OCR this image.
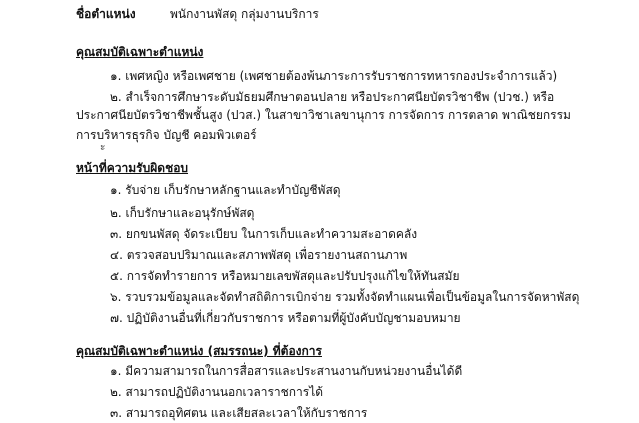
ชื่อตำแหน่ง	พนักงานพัสดุ กลุ่มงานบริการ
คุณสมบัติเฉพาะตำแหน่ง
๑. เพศหญิง หรือเพศชาย (เพศชายต้องพ้นภาระการรับราชการทหารกองประจำการแล้ว)
๒. สำเร็จการศึกษาระดับมัธยมศึกษาตอนปลาย หรือประกาศนียบัตรวิชาชีพ (ปวช.) หรือ
ประกาศนียบัตรวิชาชีพชั้นสูง (ปวส.) ในสาขาวิชาเลขานุการ การจัดการ การตลาด พาณิชยกรรม
การบริหารธุรกิจ บัญชี คอมพิวเตอร์
ะ
หน้าที่ความรับผิดชอบ
๑. รับจ่าย เก็บรักษาหลักฐานและทำบัญชีพัสดุ
๒. เก็บรักษาและอนุรักษ์พัสดุ
๓. ยกขนพัสดุ จัดระเบียบ ในการเก็บและทำความสะอาดคลัง
๔. ตรวจสอบปริมาณและสภาพพัสดุ เพื่อรายงานสถานภาพ
๕. การจัดทำรายการ หรือหมายเลขพัสดุและปรับปรุงแก้ไขให้ทันสมัย
๖. รวบรวมข้อมูลและจัดทำสถิติการเบิกจ่าย รวมทั้งจัดทำแผนเพื่อเป็นข้อมูลในการจัดหาพัสดุ
๗. ปฏิบัติงานอื่นที่เกี่ยวกับราชการ หรือตามที่ผู้บังคับบัญชามอบหมาย
คุณสมบัติเฉพาะตำแหน่ง (สมรรถนะ) ที่ต้องการ
๑. มีความสามารถในการสื่อสารและประสานงานกับหน่วยงานอื่นได้ดี
๒. สามารถปฏิบัติงานนอกเวลาราชการได้
๓. สามารถอุทิศตน และเสียสละเวลาให้กับราชการ
